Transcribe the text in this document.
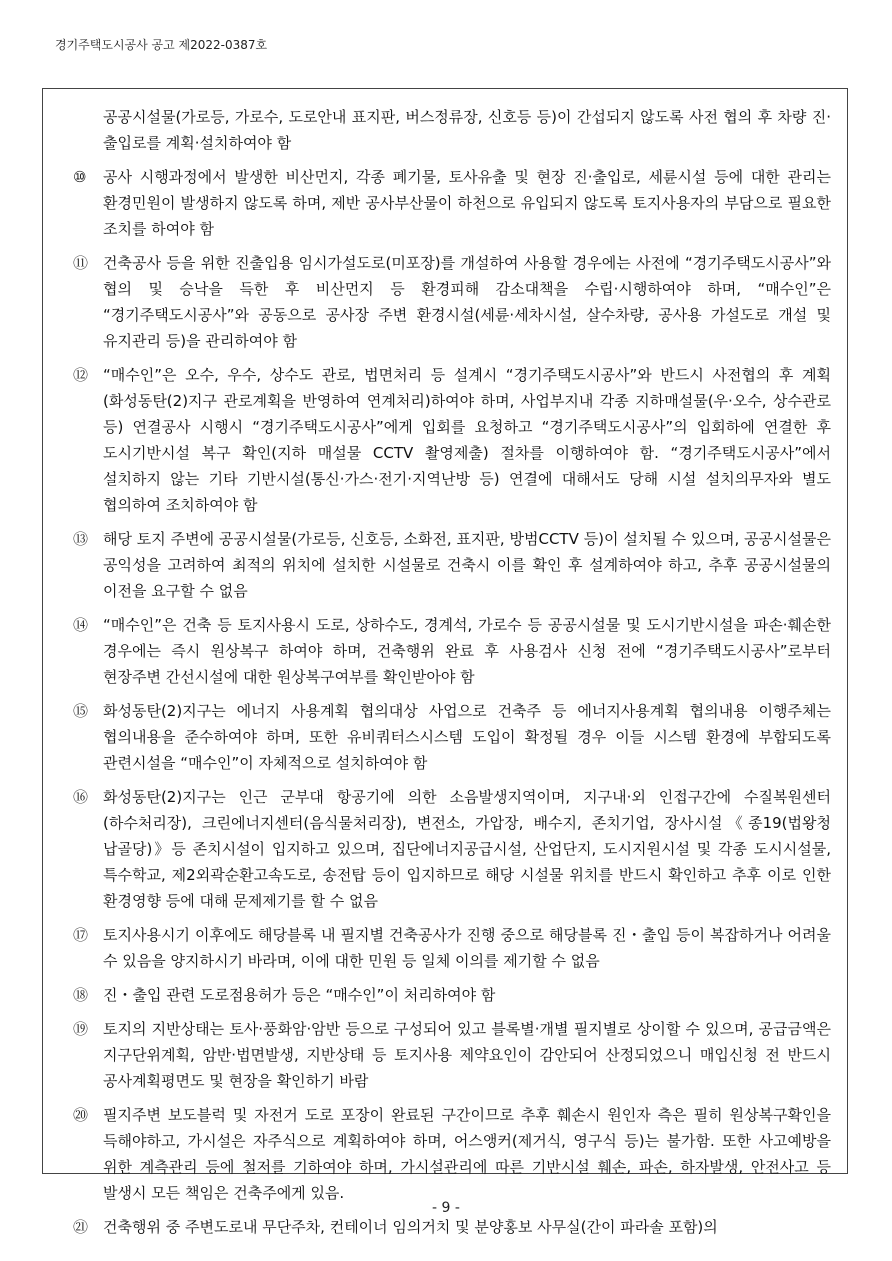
경기주택도시공사 공고 제2022-0387호
공공시설물(가로등, 가로수, 도로안내 표지판, 버스정류장, 신호등 등)이 간섭되지 않도록 사전 협의 후 차량 진·출입로를 계획·설치하여야 함
⑩	공사 시행과정에서 발생한 비산먼지, 각종 폐기물, 토사유출 및 현장 진·출입로, 세륜시설 등에 대한 관리는 환경민원이 발생하지 않도록 하며, 제반 공사부산물이 하천으로 유입되지 않도록 토지사용자의 부담으로 필요한 조치를 하여야 함
⑪ 건축공사 등을 위한 진출입용 임시가설도로(미포장)를 개설하여 사용할 경우에는 사전에 “경기주택도시공사”와 협의 및 승낙을 득한 후 비산먼지 등 환경피해 감소대책을 수립·시행하여야 하며, “매수인”은 “경기주택도시공사”와 공동으로 공사장 주변 환경시설(세륜·세차시설, 살수차량, 공사용 가설도로 개설 및 유지관리 등)을 관리하여야 함
⑫ “매수인”은 오수, 우수, 상수도 관로, 법면처리 등 설계시 “경기주택도시공사”와 반드시 사전협의 후 계획(화성동탄(2)지구 관로계획을 반영하여 연계처리)하여야 하며, 사업부지내 각종 지하매설물(우·오수, 상수관로 등) 연결공사 시행시 “경기주택도시공사”에게 입회를 요청하고 “경기주택도시공사”의 입회하에 연결한 후 도시기반시설 복구 확인(지하 매설물 CCTV 촬영제출) 절차를 이행하여야 함. “경기주택도시공사”에서 설치하지 않는 기타 기반시설(통신·가스·전기·지역난방 등) 연결에 대해서도 당해 시설 설치의무자와 별도 협의하여 조치하여야 함
⑬ 해당 토지 주변에 공공시설물(가로등, 신호등, 소화전, 표지판, 방범CCTV 등)이 설치될 수 있으며, 공공시설물은 공익성을 고려하여 최적의 위치에 설치한 시설물로 건축시 이를 확인 후 설계하여야 하고, 추후 공공시설물의 이전을 요구할 수 없음
⑭ “매수인”은 건축 등 토지사용시 도로, 상하수도, 경계석, 가로수 등 공공시설물 및 도시기반시설을 파손·훼손한 경우에는 즉시 원상복구 하여야 하며, 건축행위 완료 후 사용검사 신청 전에 “경기주택도시공사”로부터 현장주변 간선시설에 대한 원상복구여부를 확인받아야 함
⑮ 화성동탄(2)지구는 에너지 사용계획 협의대상 사업으로 건축주 등 에너지사용계획 협의내용 이행주체는 협의내용을 준수하여야 하며, 또한 유비쿼터스시스템 도입이 확정될 경우 이들 시스템 환경에 부합되도록 관련시설을 “매수인”이 자체적으로 설치하여야 함
⑯ 화성동탄(2)지구는 인근 군부대 항공기에 의한 소음발생지역이며, 지구내·외 인접구간에 수질복원센터(하수처리장), 크린에너지센터(음식물처리장), 변전소, 가압장, 배수지, 존치기업, 장사시설《종19(법왕청 납골당)》등 존치시설이 입지하고 있으며, 집단에너지공급시설, 산업단지, 도시지원시설 및 각종 도시시설물, 특수학교, 제2외곽순환고속도로, 송전탑 등이 입지하므로 해당 시설물 위치를 반드시 확인하고 추후 이로 인한 환경영향 등에 대해 문제제기를 할 수 없음
⑰ 토지사용시기 이후에도 해당블록 내 필지별 건축공사가 진행 중으로 해당블록 진・출입 등이 복잡하거나 어려울 수 있음을 양지하시기 바라며, 이에 대한 민원 등 일체 이의를 제기할 수 없음
⑱ 진・출입 관련 도로점용허가 등은 “매수인”이 처리하여야 함
⑲ 토지의 지반상태는 토사·풍화암·암반 등으로 구성되어 있고 블록별·개별 필지별로 상이할 수 있으며, 공급금액은 지구단위계획, 암반·법면발생, 지반상태 등 토지사용 제약요인이 감안되어 산정되었으니 매입신청 전 반드시 공사계획평면도 및 현장을 확인하기 바람
⑳ 필지주변 보도블럭 및 자전거 도로 포장이 완료된 구간이므로 추후 훼손시 원인자 측은 필히 원상복구확인을 득해야하고, 가시설은 자주식으로 계획하여야 하며, 어스앵커(제거식, 영구식 등)는 불가함. 또한 사고예방을 위한 계측관리 등에 철저를 기하여야 하며, 가시설관리에 따른 기반시설 훼손, 파손, 하자발생, 안전사고 등 발생시 모든 책임은 건축주에게 있음.
㉑ 건축행위 중 주변도로내 무단주차, 컨테이너 임의거치 및 분양홍보 사무실(간이 파라솔 포함)의
- 9 -
